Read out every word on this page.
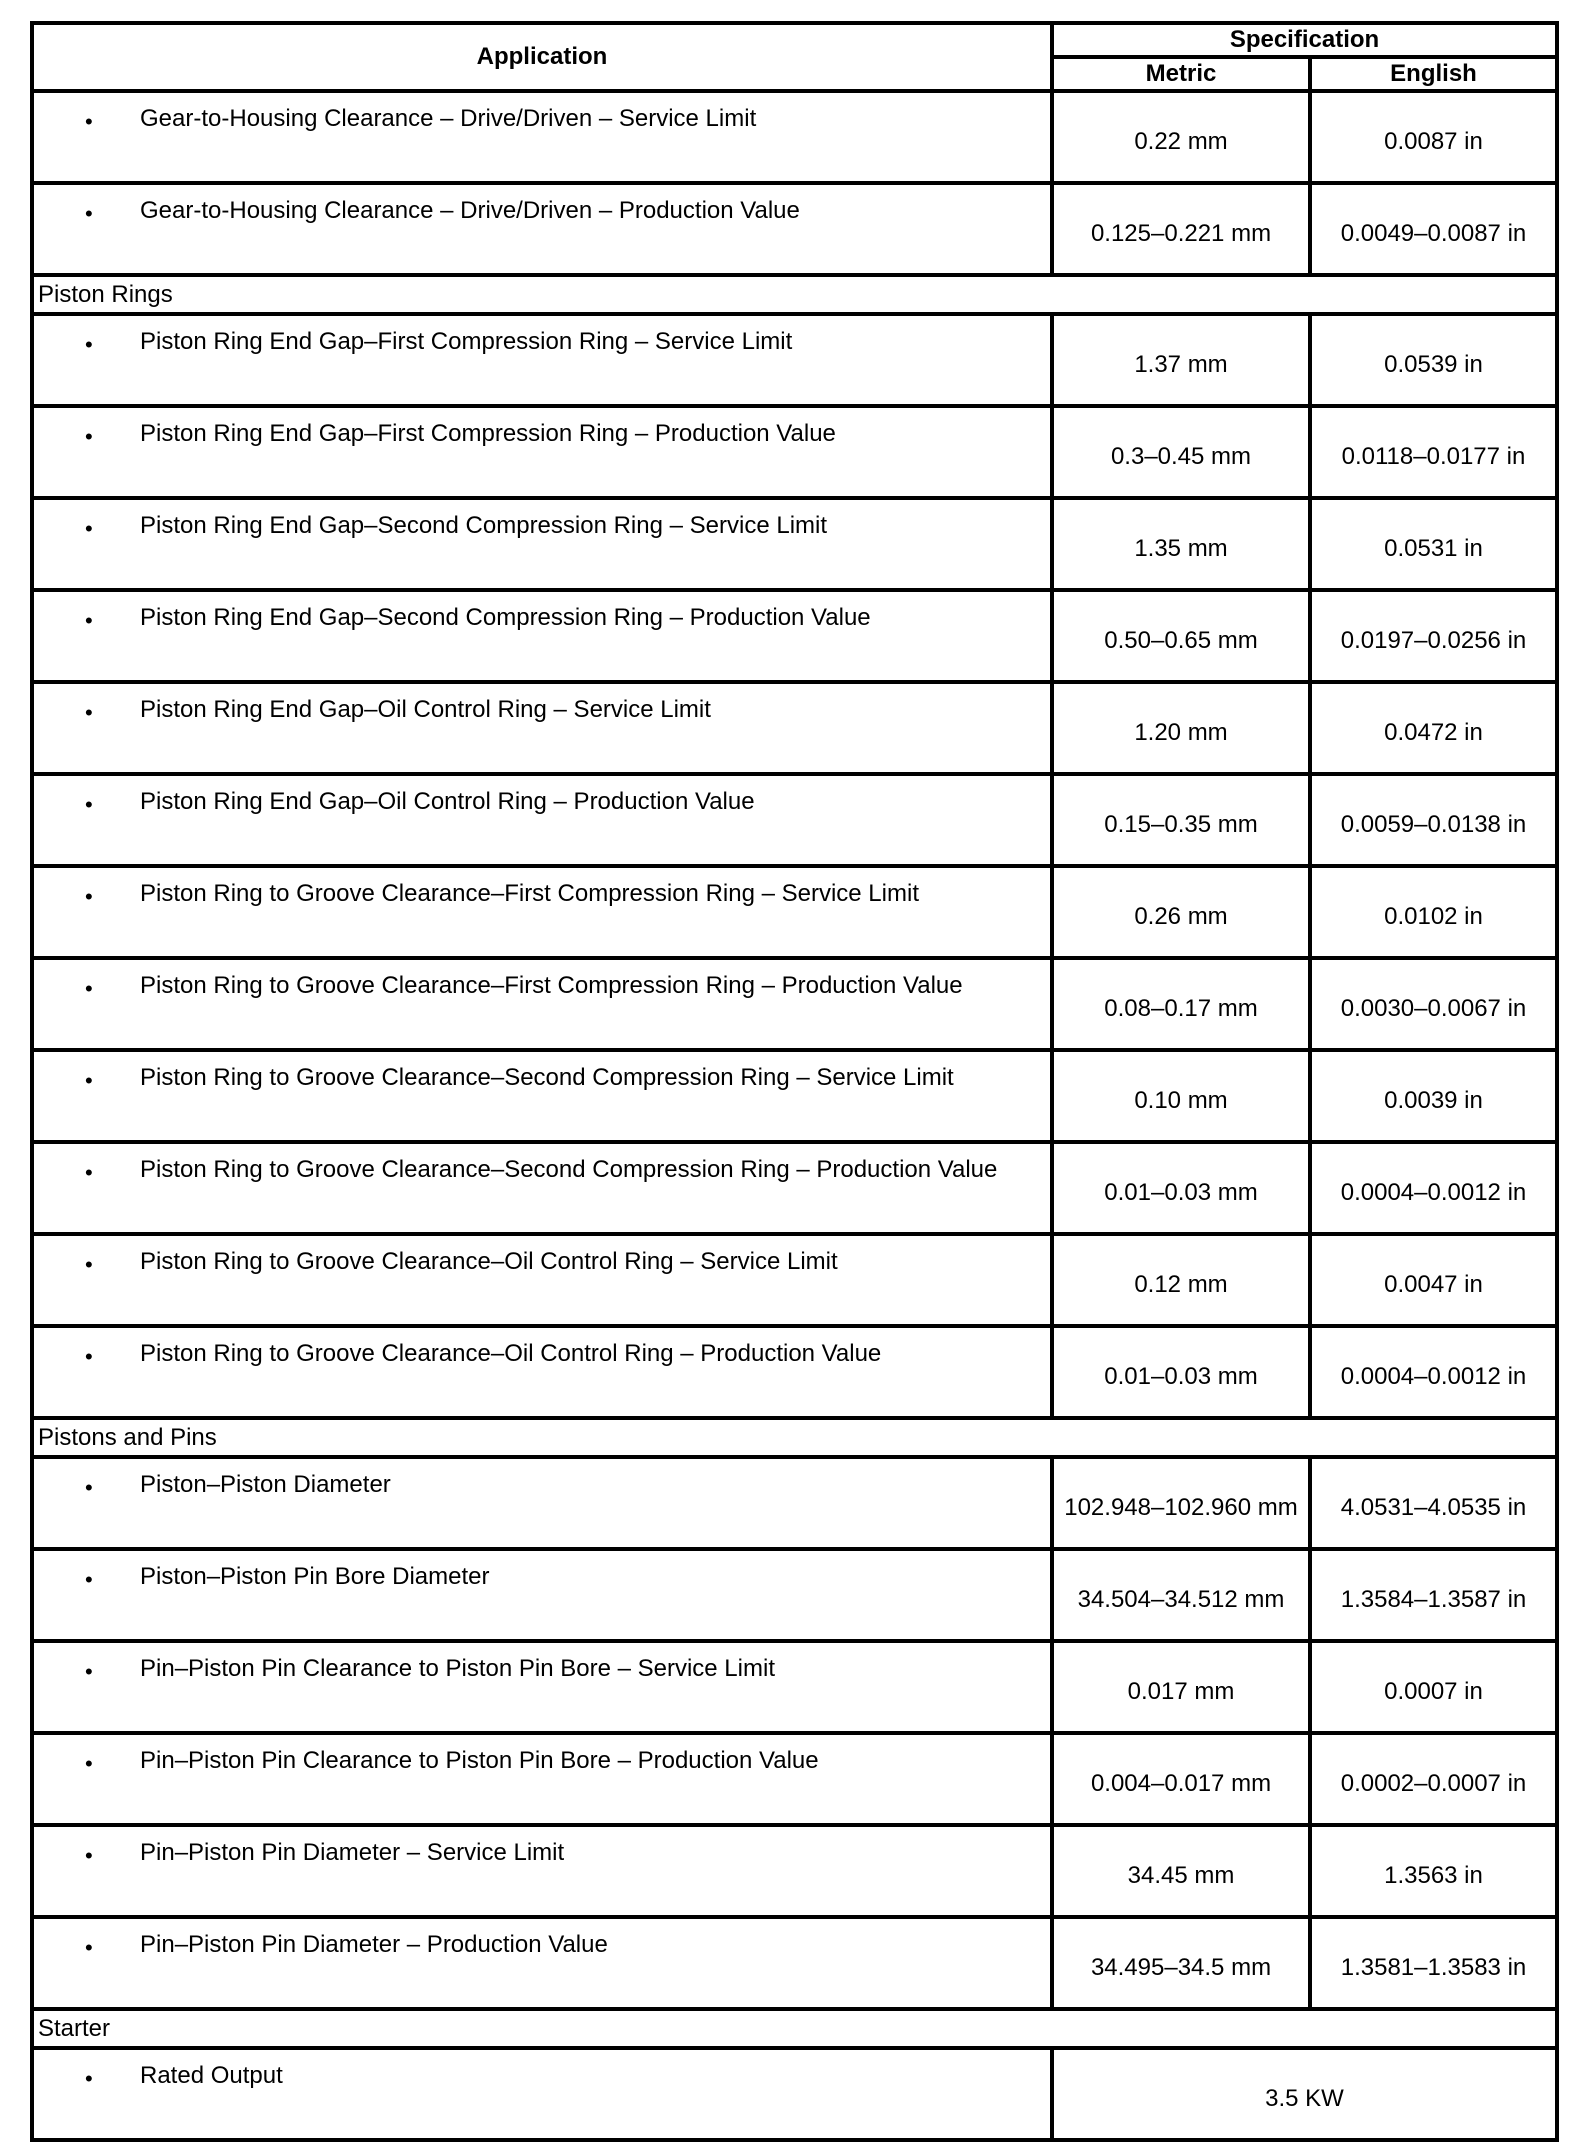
Application	Specification	
	Metric	English

• Gear-to-Housing Clearance – Drive/Driven – Service Limit	0.22 mm	0.0087 in

• Gear-to-Housing Clearance – Drive/Driven – Production Value	0.125–0.221 mm	0.0049–0.0087 in
Piston Rings		

• Piston Ring End Gap–First Compression Ring – Service Limit	1.37 mm	0.0539 in

• Piston Ring End Gap–First Compression Ring – Production Value	0.3–0.45 mm	0.0118–0.0177 in

• Piston Ring End Gap–Second Compression Ring – Service Limit	1.35 mm	0.0531 in

• Piston Ring End Gap–Second Compression Ring – Production Value	0.50–0.65 mm	0.0197–0.0256 in

• Piston Ring End Gap–Oil Control Ring – Service Limit	1.20 mm	0.0472 in

• Piston Ring End Gap–Oil Control Ring – Production Value	0.15–0.35 mm	0.0059–0.0138 in

• Piston Ring to Groove Clearance–First Compression Ring – Service Limit	0.26 mm	0.0102 in

• Piston Ring to Groove Clearance–First Compression Ring – Production Value	0.08–0.17 mm	0.0030–0.0067 in

• Piston Ring to Groove Clearance–Second Compression Ring – Service Limit	0.10 mm	0.0039 in

• Piston Ring to Groove Clearance–Second Compression Ring – Production Value	0.01–0.03 mm	0.0004–0.0012 in

• Piston Ring to Groove Clearance–Oil Control Ring – Service Limit	0.12 mm	0.0047 in

• Piston Ring to Groove Clearance–Oil Control Ring – Production Value	0.01–0.03 mm	0.0004–0.0012 in
Pistons and Pins		

• Piston–Piston Diameter	102.948–102.960 mm	4.0531–4.0535 in

• Piston–Piston Pin Bore Diameter	34.504–34.512 mm	1.3584–1.3587 in

• Pin–Piston Pin Clearance to Piston Pin Bore – Service Limit	0.017 mm	0.0007 in

• Pin–Piston Pin Clearance to Piston Pin Bore – Production Value	0.004–0.017 mm	0.0002–0.0007 in

• Pin–Piston Pin Diameter – Service Limit	34.45 mm	1.3563 in

• Pin–Piston Pin Diameter – Production Value	34.495–34.5 mm	1.3581–1.3583 in
Starter		

• Rated Output	3.5 KW	
